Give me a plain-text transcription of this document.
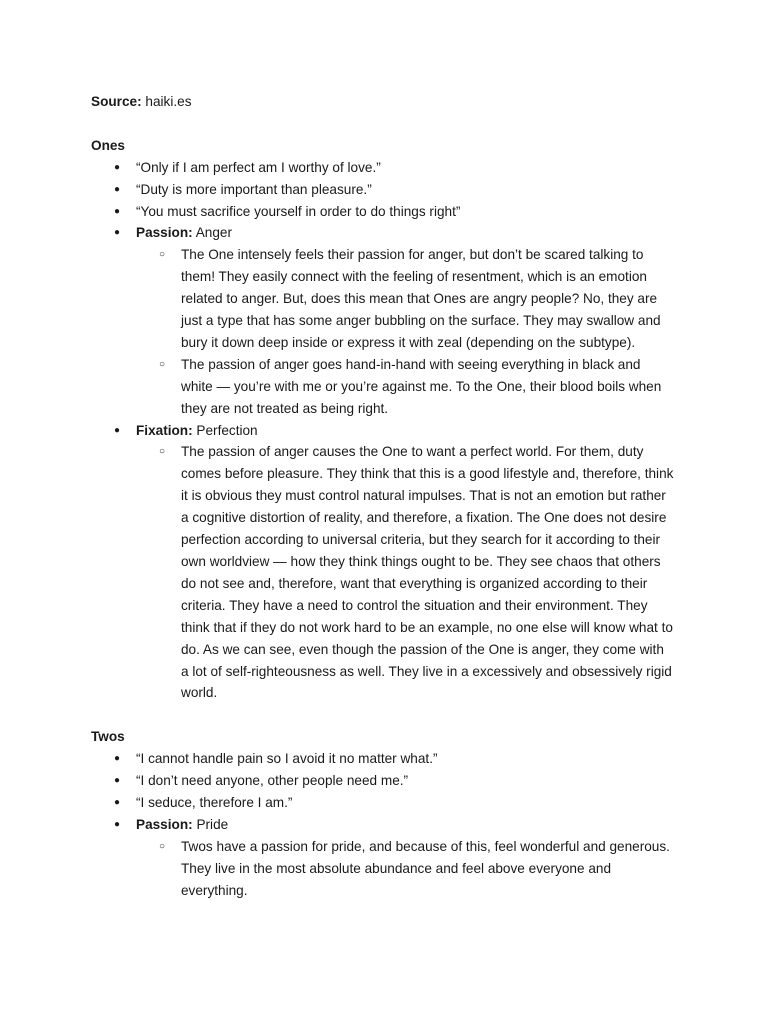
Source: haiki.es

Ones

● “Only if I am perfect am I worthy of love.”
● “Duty is more important than pleasure.”
● “You must sacrifice yourself in order to do things right”
● Passion: Anger
○ The One intensely feels their passion for anger, but don’t be scared talking to them! They easily connect with the feeling of resentment, which is an emotion related to anger. But, does this mean that Ones are angry people? No, they are just a type that has some anger bubbling on the surface. They may swallow and bury it down deep inside or express it with zeal (depending on the subtype).
○ The passion of anger goes hand-in-hand with seeing everything in black and white — you’re with me or you’re against me. To the One, their blood boils when they are not treated as being right.
● Fixation: Perfection
○ The passion of anger causes the One to want a perfect world. For them, duty comes before pleasure. They think that this is a good lifestyle and, therefore, think it is obvious they must control natural impulses. That is not an emotion but rather a cognitive distortion of reality, and therefore, a fixation. The One does not desire perfection according to universal criteria, but they search for it according to their own worldview — how they think things ought to be. They see chaos that others do not see and, therefore, want that everything is organized according to their criteria. They have a need to control the situation and their environment. They think that if they do not work hard to be an example, no one else will know what to do. As we can see, even though the passion of the One is anger, they come with a lot of self-righteousness as well. They live in a excessively and obsessively rigid world.

Twos

● “I cannot handle pain so I avoid it no matter what.”
● “I don’t need anyone, other people need me.”
● “I seduce, therefore I am.”
● Passion: Pride
○ Twos have a passion for pride, and because of this, feel wonderful and generous. They live in the most absolute abundance and feel above everyone and everything.
